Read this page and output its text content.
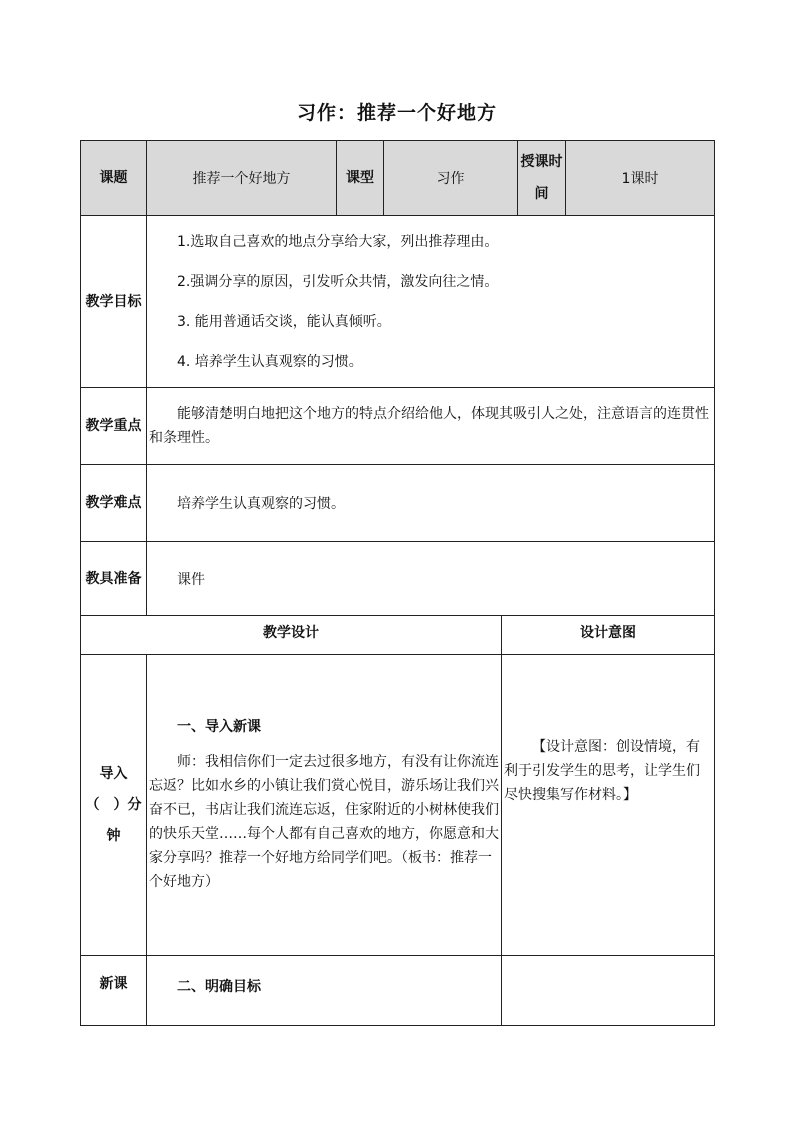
习作：推荐一个好地方
课题	推荐一个好地方	课型	习作		授课时间	1课时
教学目标	1.选取自己喜欢的地点分享给大家，列出推荐理由。
2.强调分享的原因，引发听众共情，激发向往之情。
3. 能用普通话交谈，能认真倾听。
4. 培养学生认真观察的习惯。					

教学重点	能够清楚明白地把这个地方的特点介绍给他人，体现其吸引人之处，注意语言的连贯性和条理性。					

教学难点	培养学生认真观察的习惯。					

教具准备	课件					

教学设计				设计意图		
导入（　）分钟	一、导入新课
师：我相信你们一定去过很多地方，有没有让你流连忘返？比如水乡的小镇让我们赏心悦目，游乐场让我们兴奋不已，书店让我们流连忘返，住家附近的小树林使我们的快乐天堂……每个人都有自己喜欢的地方，你愿意和大家分享吗？推荐一个好地方给同学们吧。（板书：推荐一个好地方）			【设计意图：创设情境，有利于引发学生的思考，让学生们尽快搜集写作材料。】		

新课	二、明确目标					
